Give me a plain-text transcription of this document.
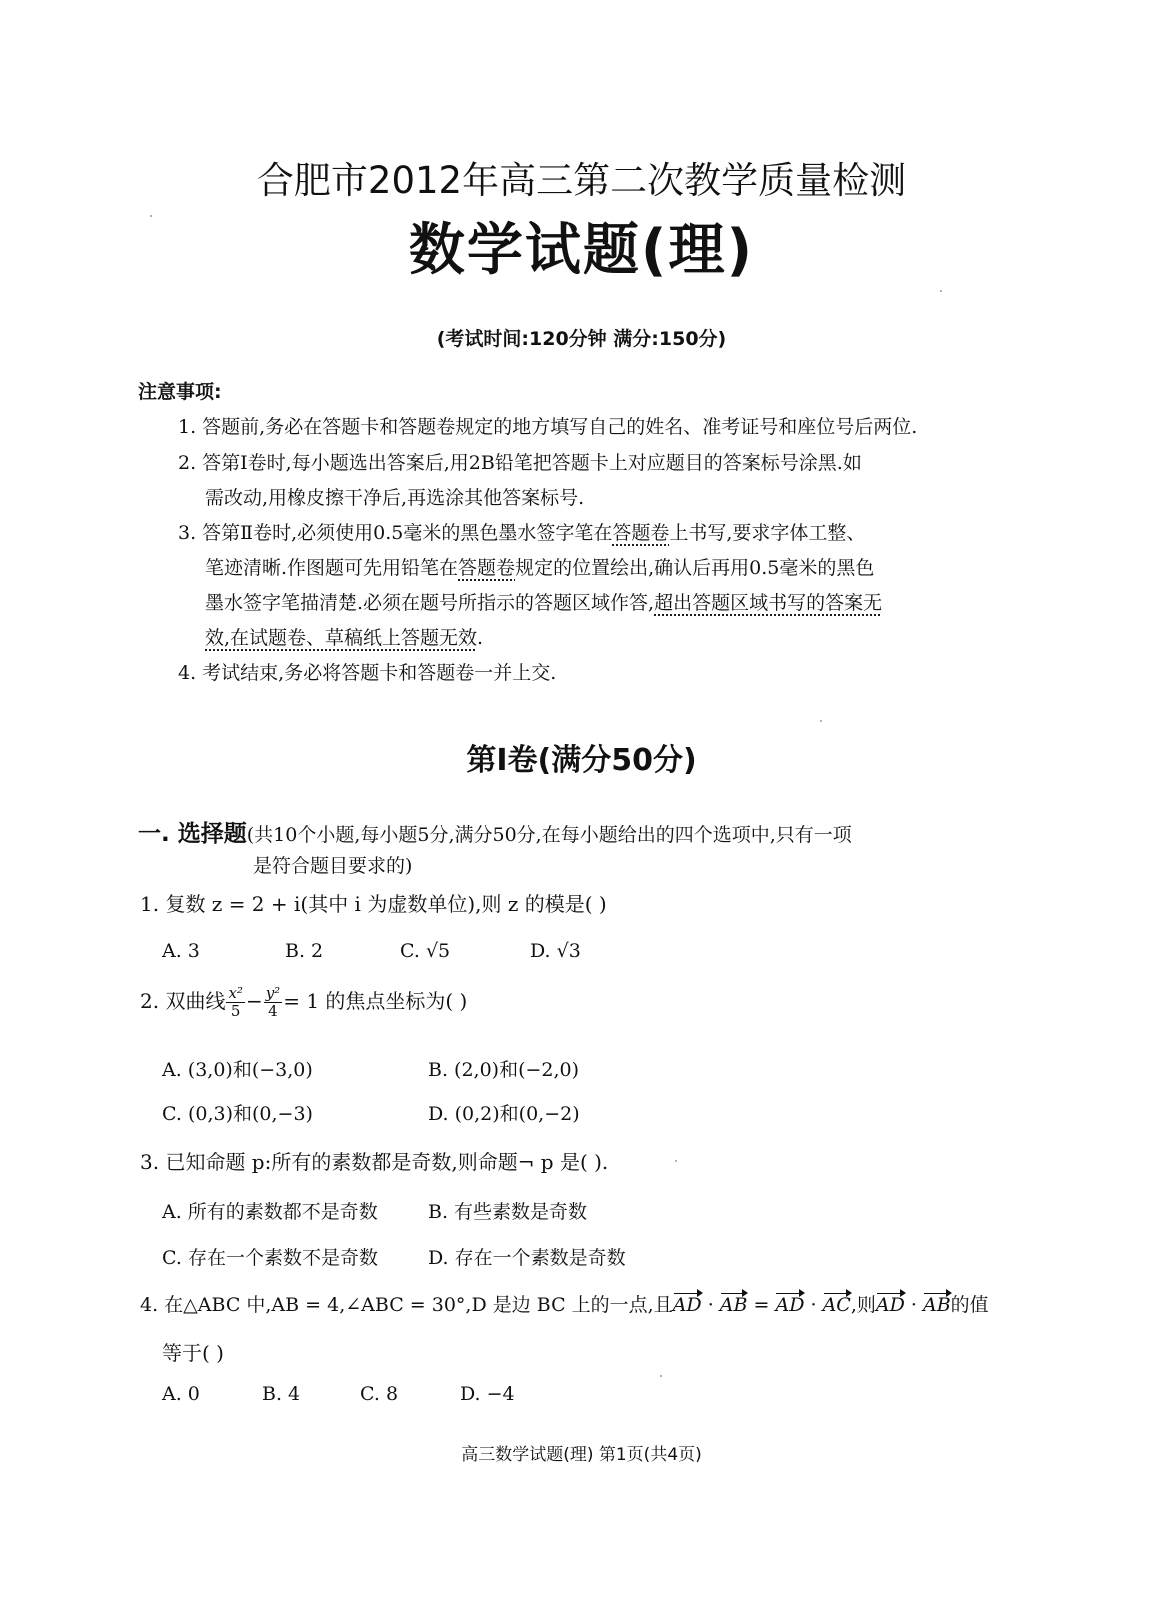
合肥市2012年高三第二次教学质量检测
数学试题(理)
(考试时间:120分钟 满分:150分)
注意事项:
1. 答题前,务必在答题卡和答题卷规定的地方填写自己的姓名、准考证号和座位号后两位.
2. 答第Ⅰ卷时,每小题选出答案后,用2B铅笔把答题卡上对应题目的答案标号涂黑.如
需改动,用橡皮擦干净后,再选涂其他答案标号.
3. 答第Ⅱ卷时,必须使用0.5毫米的黑色墨水签字笔在答题卷上书写,要求字体工整、
笔迹清晰.作图题可先用铅笔在答题卷规定的位置绘出,确认后再用0.5毫米的黑色
墨水签字笔描清楚.必须在题号所指示的答题区域作答,超出答题区域书写的答案无
效,在试题卷、草稿纸上答题无效.
4. 考试结束,务必将答题卡和答题卷一并上交.
第Ⅰ卷(满分50分)
一. 选择题(共10个小题,每小题5分,满分50分,在每小题给出的四个选项中,只有一项
是符合题目要求的)
1. 复数 z = 2 + i(其中 i 为虚数单位),则 z 的模是( )
A. 3	B. 2	C. √5	D. √3
2. 双曲线 $\frac{\text{x²}}{5} - \frac{\text{y²}}{4} = 1$ 的焦点坐标为( )
A. (3,0)和(−3,0)	B. (2,0)和(−2,0)
C. (0,3)和(0,−3)	D. (0,2)和(0,−2)
3. 已知命题 p:所有的素数都是奇数,则命题¬ p 是( ).
A. 所有的素数都不是奇数	B. 有些素数是奇数
C. 存在一个素数不是奇数	D. 存在一个素数是奇数
4. 在△ABC 中,AB = 4,∠ABC = 30°,D 是边 BC 上的一点,且AD · AB = AD · AC,则AD · AB的值
等于( )
A. 0	B. 4	C. 8	D. −4
高三数学试题(理) 第1页(共4页)
